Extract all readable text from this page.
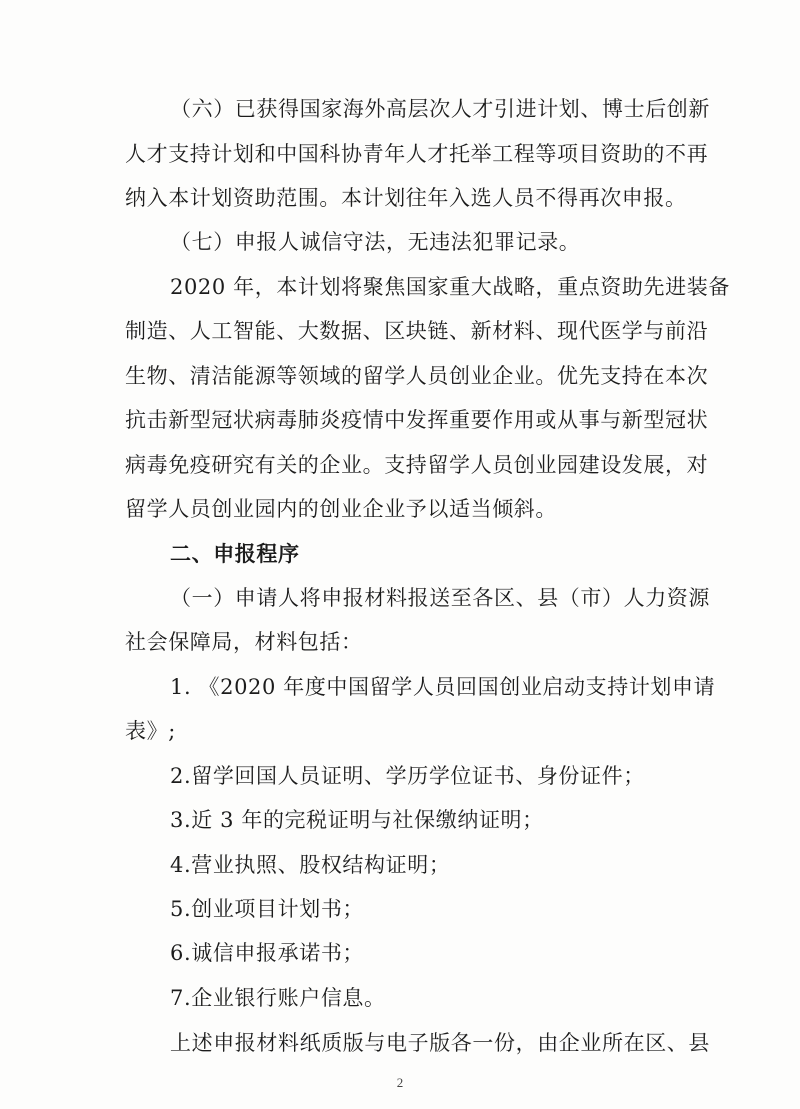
（六）已获得国家海外高层次人才引进计划、博士后创新

人才支持计划和中国科协青年人才托举工程等项目资助的不再

纳入本计划资助范围。本计划往年入选人员不得再次申报。

（七）申报人诚信守法，无违法犯罪记录。

2020 年，本计划将聚焦国家重大战略，重点资助先进装备

制造、人工智能、大数据、区块链、新材料、现代医学与前沿

生物、清洁能源等领域的留学人员创业企业。优先支持在本次

抗击新型冠状病毒肺炎疫情中发挥重要作用或从事与新型冠状

病毒免疫研究有关的企业。支持留学人员创业园建设发展，对

留学人员创业园内的创业企业予以适当倾斜。

二、申报程序

（一）申请人将申报材料报送至各区、县（市）人力资源

社会保障局，材料包括：

1. 《2020 年度中国留学人员回国创业启动支持计划申请

表》;

2.留学回国人员证明、学历学位证书、身份证件；

3.近 3 年的完税证明与社保缴纳证明；

4.营业执照、股权结构证明；

5.创业项目计划书；

6.诚信申报承诺书；

7.企业银行账户信息。

上述申报材料纸质版与电子版各一份，由企业所在区、县

2
